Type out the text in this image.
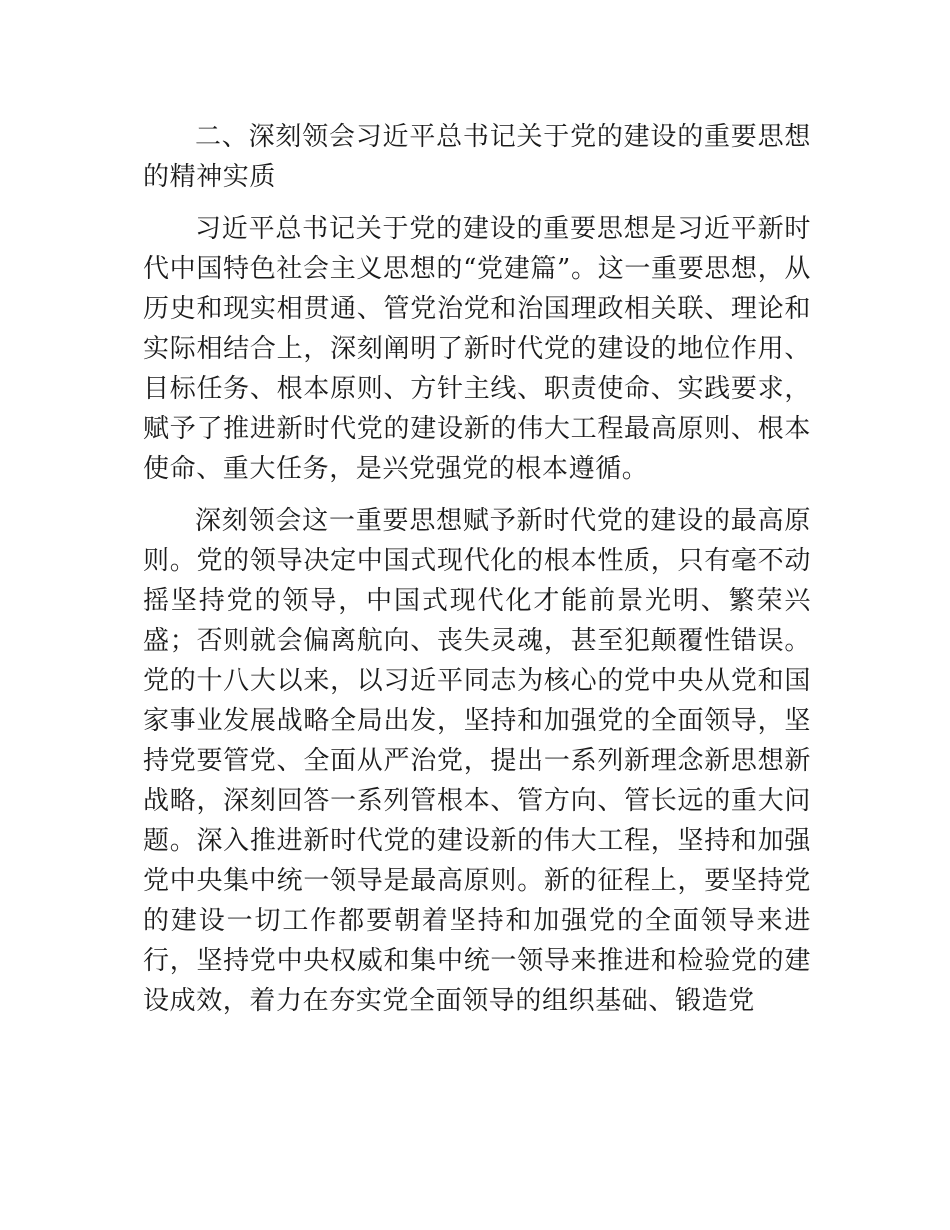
二、深刻领会习近平总书记关于党的建设的重要思想的精神实质

习近平总书记关于党的建设的重要思想是习近平新时代中国特色社会主义思想的“党建篇”。这一重要思想，从历史和现实相贯通、管党治党和治国理政相关联、理论和实际相结合上，深刻阐明了新时代党的建设的地位作用、目标任务、根本原则、方针主线、职责使命、实践要求，赋予了推进新时代党的建设新的伟大工程最高原则、根本使命、重大任务，是兴党强党的根本遵循。

深刻领会这一重要思想赋予新时代党的建设的最高原则。党的领导决定中国式现代化的根本性质，只有毫不动摇坚持党的领导，中国式现代化才能前景光明、繁荣兴盛；否则就会偏离航向、丧失灵魂，甚至犯颠覆性错误。党的十八大以来，以习近平同志为核心的党中央从党和国家事业发展战略全局出发，坚持和加强党的全面领导，坚持党要管党、全面从严治党，提出一系列新理念新思想新战略，深刻回答一系列管根本、管方向、管长远的重大问题。深入推进新时代党的建设新的伟大工程，坚持和加强党中央集中统一领导是最高原则。新的征程上，要坚持党的建设一切工作都要朝着坚持和加强党的全面领导来进行，坚持党中央权威和集中统一领导来推进和检验党的建设成效，着力在夯实党全面领导的组织基础、锻造党
